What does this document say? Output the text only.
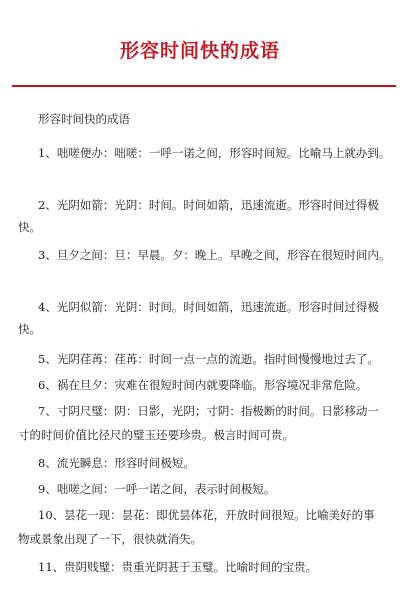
形容时间快的成语
形容时间快的成语
1、咄嗟便办：咄嗟：一呼一诺之间，形容时间短。比喻马上就办到。
2、光阴如箭：光阴：时间。时间如箭，迅速流逝。形容时间过得极
快。
3、旦夕之间：旦：早晨。夕：晚上。早晚之间，形容在很短时间内。
4、光阴似箭：光阴：时间。时间如箭，迅速流逝。形容时间过得极
快。
5、光阴荏苒：荏苒：时间一点一点的流逝。指时间慢慢地过去了。
6、祸在旦夕：灾难在很短时间内就要降临。形容境况非常危险。
7、寸阴尺璧：阴：日影，光阴；寸阴：指极断的时间。日影移动一
寸的时间价值比径尺的璧玉还要珍贵。极言时间可贵。
8、流光瞬息：形容时间极短。
9、咄嗟之间：一呼一诺之间，表示时间极短。
10、昙花一现：昙花：即优昙体花，开放时间很短。比喻美好的事
物或景象出现了一下，很快就消失。
11、贵阴贱璧：贵重光阴甚于玉璧。比喻时间的宝贵。
